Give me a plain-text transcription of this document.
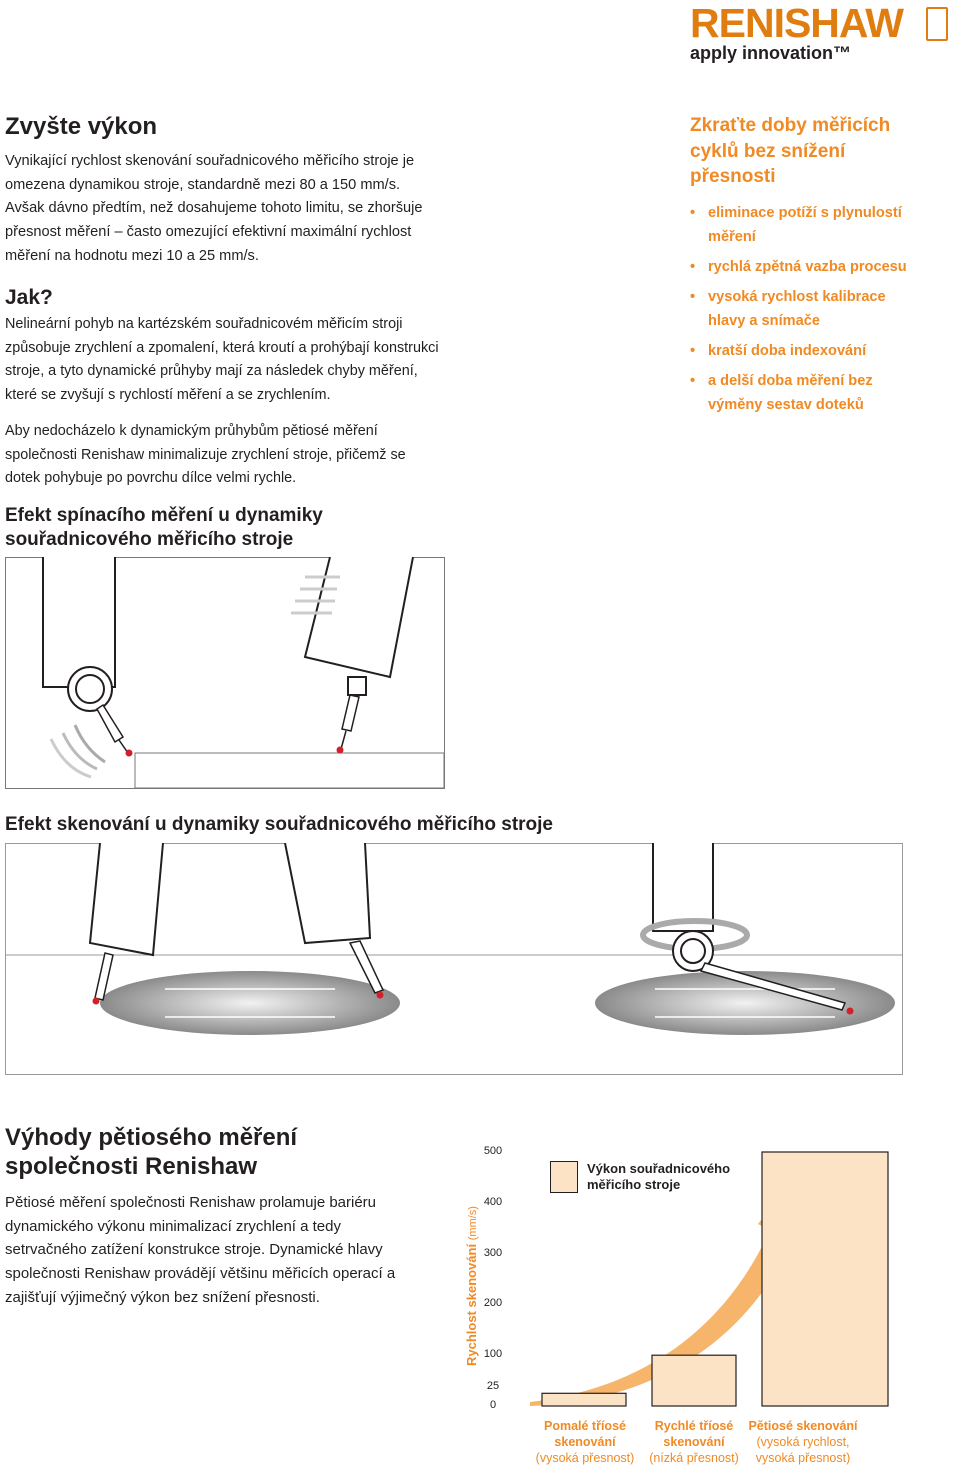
RENISHAW
apply innovation™
Zvyšte výkon
Vynikající rychlost skenování souřadnicového měřicího stroje je omezena dynamikou stroje, standardně mezi 80 a 150 mm/s. Avšak dávno předtím, než dosahujeme tohoto limitu, se zhoršuje přesnost měření – často omezující efektivní maximální rychlost měření na hodnotu mezi 10 a 25 mm/s.
Jak?
Nelineární pohyb na kartézském souřadnicovém měřicím stroji způsobuje zrychlení a zpomalení, která kroutí a prohýbají konstrukci stroje, a tyto dynamické průhyby mají za následek chyby měření, které se zvyšují s rychlostí měření a se zrychlením.
Aby nedocházelo k dynamickým průhybům pětiosé měření společnosti Renishaw minimalizuje zrychlení stroje, přičemž se dotek pohybuje po povrchu dílce velmi rychle.
Zkraťte doby měřicích cyklů bez snížení přesnosti
• eliminace potíží s plynulostí měření
• rychlá zpětná vazba procesu
• vysoká rychlost kalibrace hlavy a snímače
• kratší doba indexování
• a delší doba měření bez výměny sestav doteků
Efekt spínacího měření u dynamiky souřadnicového měřicího stroje
Efekt skenování u dynamiky souřadnicového měřicího stroje
Výhody pětiosého měření společnosti Renishaw
Pětiosé měření společnosti Renishaw prolamuje bariéru dynamického výkonu minimalizací zrychlení a tedy setrvačného zatížení konstrukce stroje. Dynamické hlavy společnosti Renishaw provádějí většinu měřicích operací a zajišťují výjimečný výkon bez snížení přesnosti.	Rychlost skenování (mm/s)
0
25
100
200
300
400
500
Výkon souřadnicového měřicího stroje
Pomalé tříosé skenování
(vysoká přesnost)
Rychlé tříosé skenování
(nízká přesnost)
Pětiosé skenování
(vysoká rychlost, vysoká přesnost)
